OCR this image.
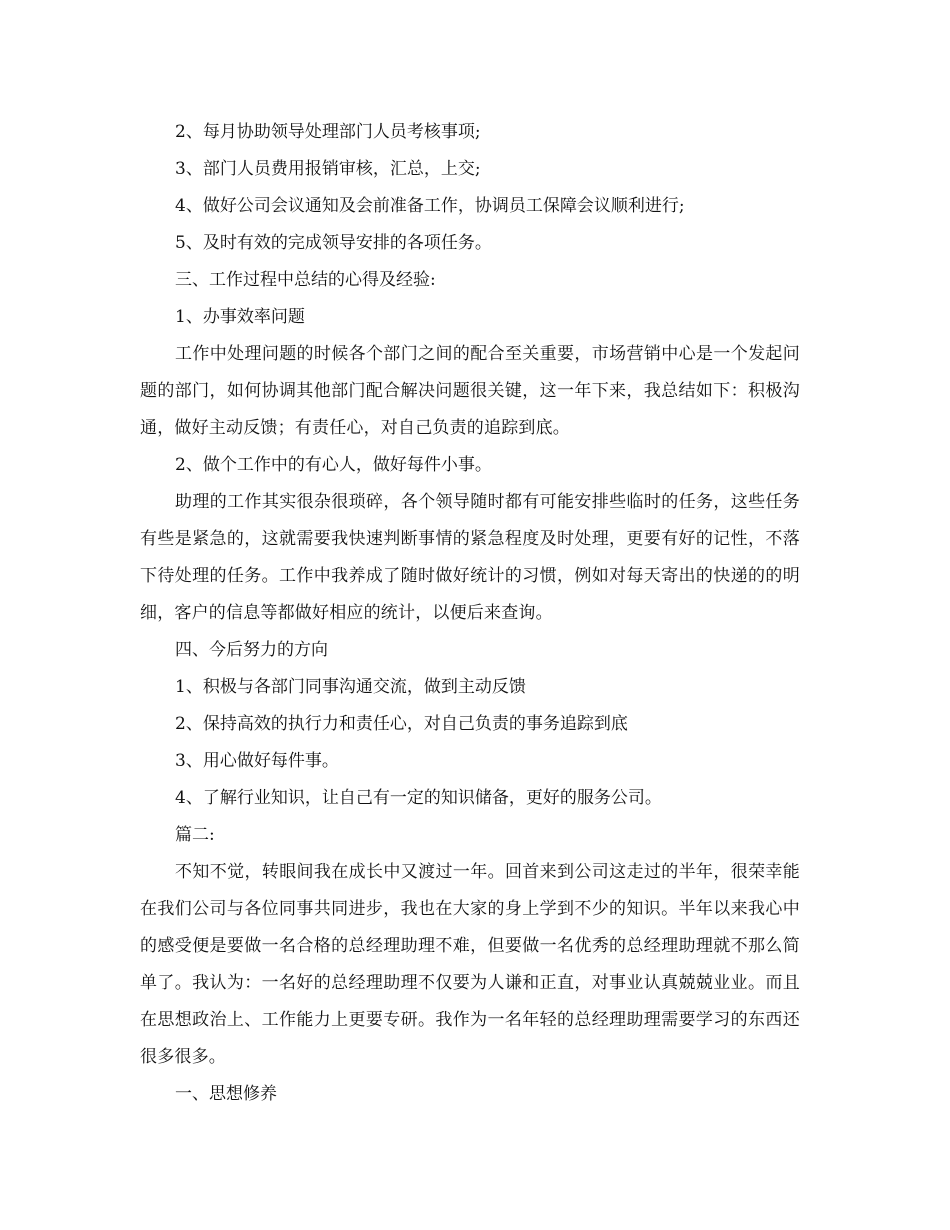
2、每月协助领导处理部门人员考核事项;

3、部门人员费用报销审核，汇总，上交;

4、做好公司会议通知及会前准备工作，协调员工保障会议顺利进行;

5、及时有效的完成领导安排的各项任务。

三、工作过程中总结的心得及经验:

1、办事效率问题

工作中处理问题的时候各个部门之间的配合至关重要，市场营销中心是一个发起问题的部门，如何协调其他部门配合解决问题很关键，这一年下来，我总结如下：积极沟通，做好主动反馈；有责任心，对自己负责的追踪到底。

2、做个工作中的有心人，做好每件小事。

助理的工作其实很杂很琐碎，各个领导随时都有可能安排些临时的任务，这些任务有些是紧急的，这就需要我快速判断事情的紧急程度及时处理，更要有好的记性，不落下待处理的任务。工作中我养成了随时做好统计的习惯，例如对每天寄出的快递的的明细，客户的信息等都做好相应的统计，以便后来查询。

四、今后努力的方向

1、积极与各部门同事沟通交流，做到主动反馈

2、保持高效的执行力和责任心，对自己负责的事务追踪到底

3、用心做好每件事。

4、了解行业知识，让自己有一定的知识储备，更好的服务公司。

篇二:

不知不觉，转眼间我在成长中又渡过一年。回首来到公司这走过的半年，很荣幸能在我们公司与各位同事共同进步，我也在大家的身上学到不少的知识。半年以来我心中的感受便是要做一名合格的总经理助理不难，但要做一名优秀的总经理助理就不那么简单了。我认为：一名好的总经理助理不仅要为人谦和正直，对事业认真兢兢业业。而且在思想政治上、工作能力上更要专研。我作为一名年轻的总经理助理需要学习的东西还很多很多。

一、思想修养
